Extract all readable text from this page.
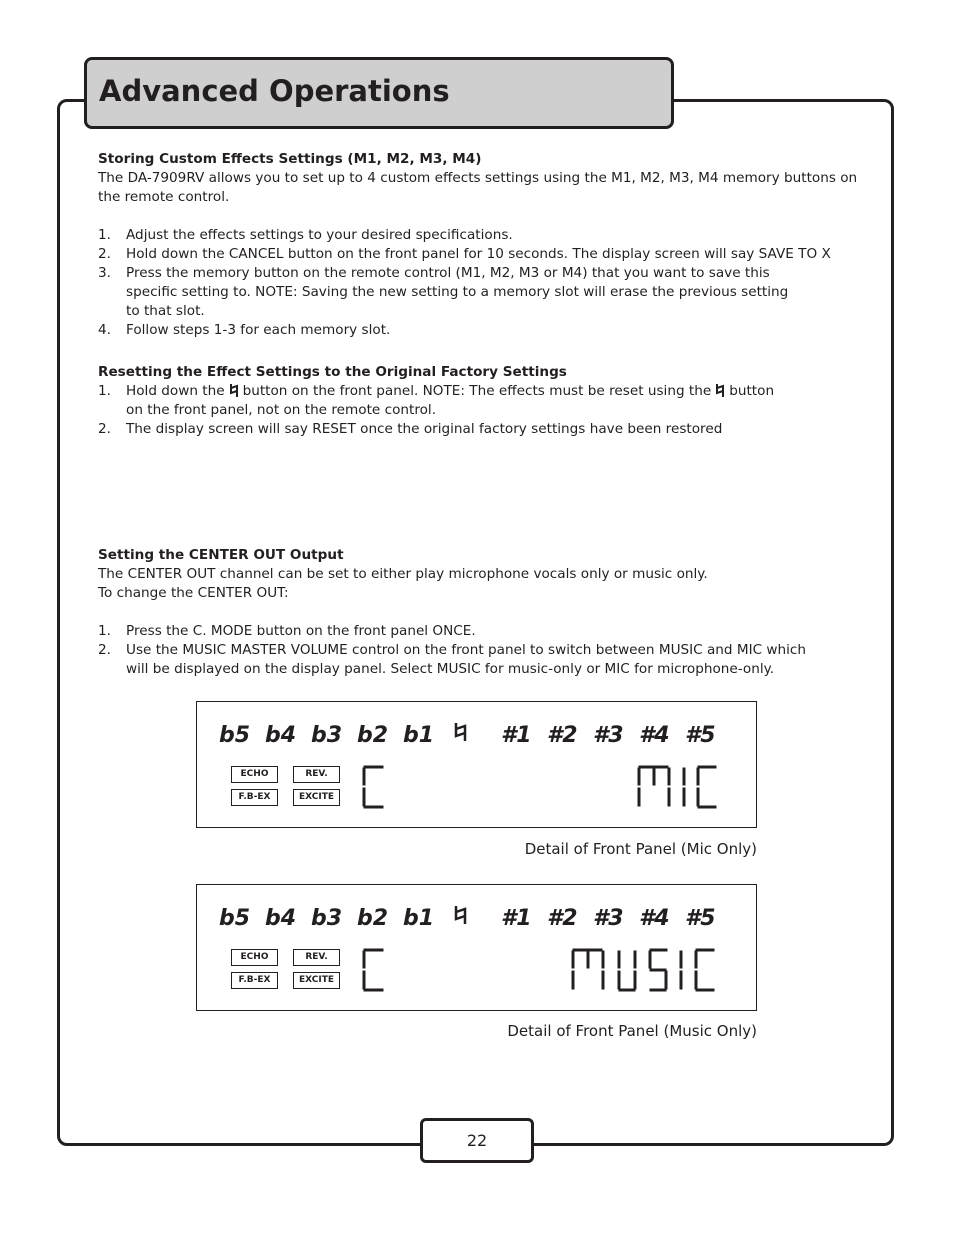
Advanced Operations
Storing Custom Effects Settings (M1, M2, M3, M4)

The DA-7909RV allows you to set up to 4 custom effects settings using the M1, M2, M3, M4 memory buttons on the remote control.

1. Adjust the effects settings to your desired specifications.
2. Hold down the CANCEL button on the front panel for 10 seconds. The display screen will say SAVE TO X
3. Press the memory button on the remote control (M1, M2, M3 or M4) that you want to save this specific setting to. NOTE: Saving the new setting to a memory slot will erase the previous setting to that slot.
4. Follow steps 1-3 for each memory slot.
Resetting the Effect Settings to the Original Factory Settings
1. Hold down the button on the front panel. NOTE: The effects must be reset using the button on the front panel, not on the remote control.
2. The display screen will say RESET once the original factory settings have been restored
Setting the CENTER OUT Output

The CENTER OUT channel can be set to either play microphone vocals only or music only.

To change the CENTER OUT:

1. Press the C. MODE button on the front panel ONCE.
2. Use the MUSIC MASTER VOLUME control on the front panel to switch between MUSIC and MIC which will be displayed on the display panel. Select MUSIC for music-only or MIC for microphone-only.
b5 b4 b3 b2 b1	#1 #2 #3 #4 #5
ECHO	REV.
F.B-EX	EXCITE
Detail of Front Panel (Mic Only)
b5 b4 b3 b2 b1	#1 #2 #3 #4 #5
ECHO	REV.
F.B-EX	EXCITE
Detail of Front Panel (Music Only)
22
